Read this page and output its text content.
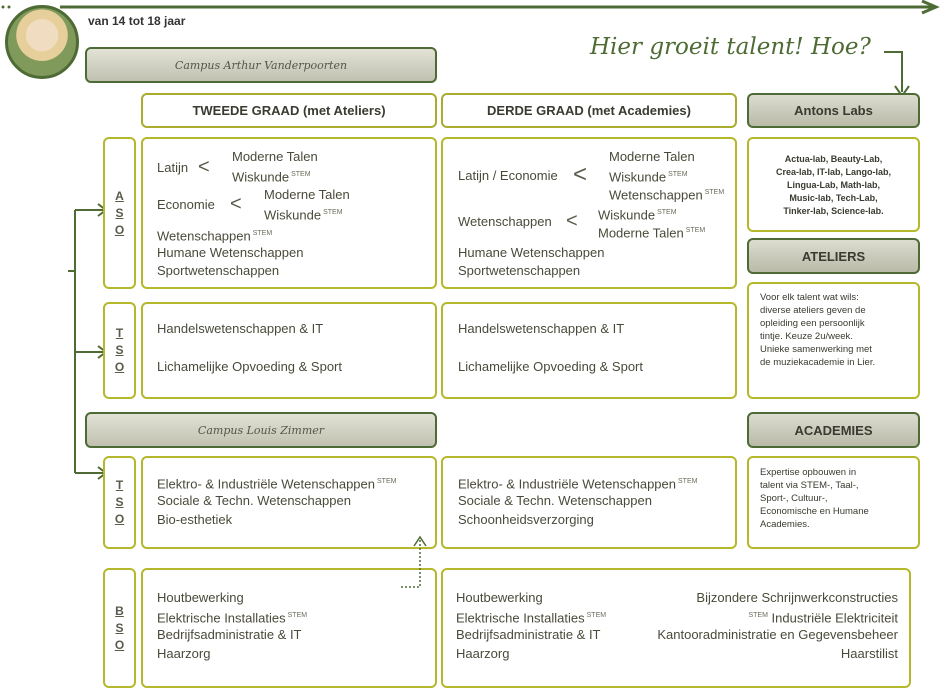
van 14 tot 18 jaar
Hier groeit talent! Hoe?
Campus Arthur Vanderpoorten
Campus Louis Zimmer
TWEEDE GRAAD (met Ateliers)	DERDE GRAAD (met Academies)	Antons Labs
ATELIERS
ACADEMIES
A
S
O
T
S
O
T
S
O
B
S
O
Latijn < Moderne Talen
Wiskunde $^{STEM}$
Economie < Moderne Talen
Wiskunde $^{STEM}$
Wetenschappen $^{STEM}$
Humane Wetenschappen
Sportwetenschappen
Latijn / Economie <
Moderne Talen
Wiskunde $^{STEM}$
Wetenschappen $^{STEM}$
Wetenschappen < Wiskunde $^{STEM}$
Moderne Talen $^{STEM}$
Humane Wetenschappen
Sportwetenschappen
Handelswetenschappen & IT
Lichamelijke Opvoeding & Sport
Handelswetenschappen & IT
Lichamelijke Opvoeding & Sport
Elektro- & Industriële Wetenschappen $^{STEM}$
Sociale & Techn. Wetenschappen
Bio-esthetiek
Elektro- & Industriële Wetenschappen $^{STEM}$
Sociale & Techn. Wetenschappen
Schoonheidsverzorging
Houtbewerking
Elektrische Installaties $^{STEM}$
Bedrijfsadministratie & IT
Haarzorg
Houtbewerking
Elektrische Installaties $^{STEM}$
Bedrijfsadministratie & IT
Haarzorg
Bijzondere Schrijnwerkconstructies
$^{STEM}$ Industriële Elektriciteit
Kantooradministratie en Gegevensbeheer
Haarstilist
Actua-lab, Beauty-Lab,
Crea-lab, IT-lab, Lango-lab,
Lingua-Lab, Math-lab,
Music-lab, Tech-Lab,
Tinker-lab, Science-lab.
Voor elk talent wat wils:
diverse ateliers geven de
opleiding een persoonlijk
tintje. Keuze 2u/week.
Unieke samenwerking met
de muziekacademie in Lier.
Expertise opbouwen in
talent via STEM-, Taal-,
Sport-, Cultuur-,
Economische en Humane
Academies.
